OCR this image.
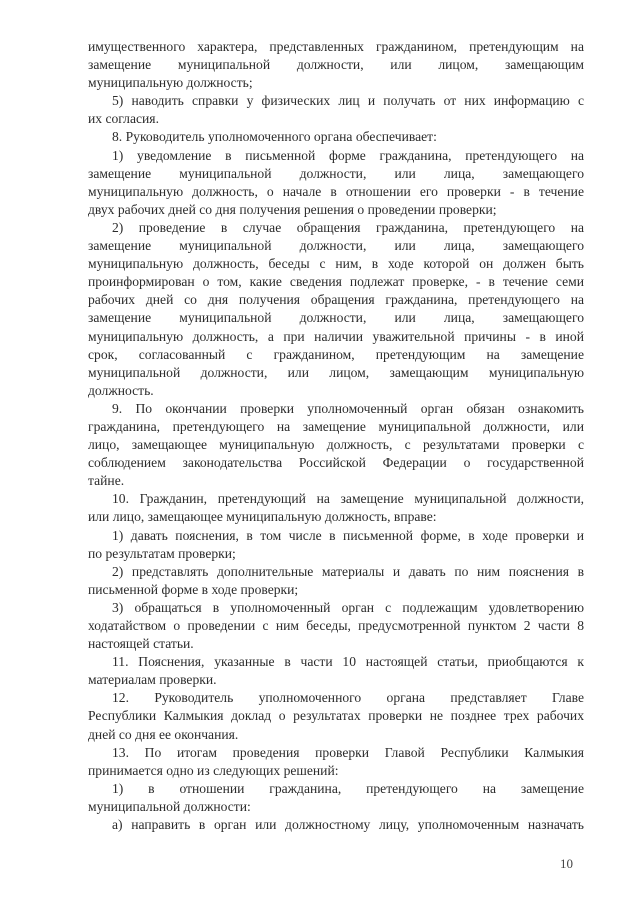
имущественного характера, представленных гражданином, претендующим на
замещение муниципальной должности, или лицом, замещающим
муниципальную должность;
5) наводить справки у физических лиц и получать от них информацию с
их согласия.
8. Руководитель уполномоченного органа обеспечивает:
1) уведомление в письменной форме гражданина, претендующего на
замещение муниципальной должности, или лица, замещающего
муниципальную должность, о начале в отношении его проверки - в течение
двух рабочих дней со дня получения решения о проведении проверки;
2) проведение в случае обращения гражданина, претендующего на
замещение муниципальной должности, или лица, замещающего
муниципальную должность, беседы с ним, в ходе которой он должен быть
проинформирован о том, какие сведения подлежат проверке, - в течение семи
рабочих дней со дня получения обращения гражданина, претендующего на
замещение муниципальной должности, или лица, замещающего
муниципальную должность, а при наличии уважительной причины - в иной
срок, согласованный с гражданином, претендующим на замещение
муниципальной должности, или лицом, замещающим муниципальную
должность.
9. По окончании проверки уполномоченный орган обязан ознакомить
гражданина, претендующего на замещение муниципальной должности, или
лицо, замещающее муниципальную должность, с результатами проверки с
соблюдением законодательства Российской Федерации о государственной
тайне.
10. Гражданин, претендующий на замещение муниципальной должности,
или лицо, замещающее муниципальную должность, вправе:
1) давать пояснения, в том числе в письменной форме, в ходе проверки и
по результатам проверки;
2) представлять дополнительные материалы и давать по ним пояснения в
письменной форме в ходе проверки;
3) обращаться в уполномоченный орган с подлежащим удовлетворению
ходатайством о проведении с ним беседы, предусмотренной пунктом 2 части 8
настоящей статьи.
11. Пояснения, указанные в части 10 настоящей статьи, приобщаются к
материалам проверки.
12. Руководитель уполномоченного органа представляет Главе
Республики Калмыкия доклад о результатах проверки не позднее трех рабочих
дней со дня ее окончания.
13. По итогам проведения проверки Главой Республики Калмыкия
принимается одно из следующих решений:
1) в отношении гражданина, претендующего на замещение
муниципальной должности:
а) направить в орган или должностному лицу, уполномоченным назначать
10
